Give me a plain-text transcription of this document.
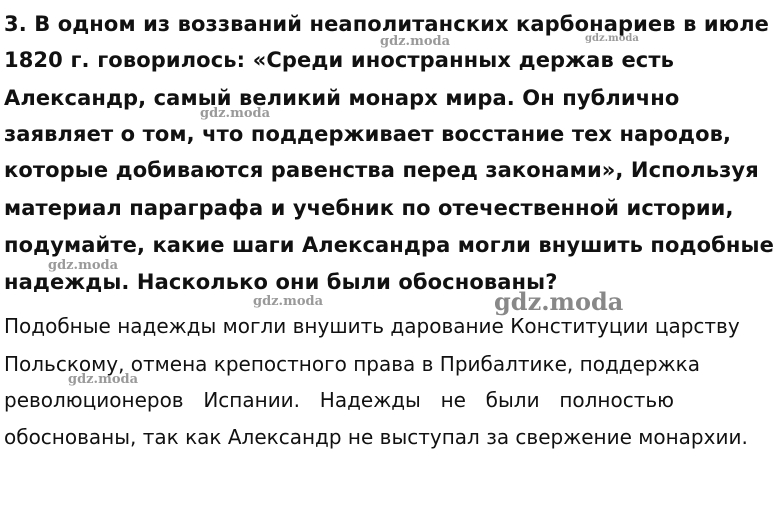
3. В одном из воззваний неаполитанских карбонариев в июле
1820 г. говорилось: «Среди иностранных держав есть
Александр, самый великий монарх мира. Он публично
заявляет о том, что поддерживает восстание тех народов,
которые добиваются равенства перед законами», Используя
материал параграфа и учебник по отечественной истории,
подумайте, какие шаги Александра могли внушить подобные
надежды. Насколько они были обоснованы?
Подобные надежды могли внушить дарование Конституции царству
Польскому, отмена крепостного права в Прибалтике, поддержка
революционеров Испании. Надежды не были полностью
обоснованы, так как Александр не выступал за свержение монархии.
gdz.moda	gdz.moda
gdz.moda
gdz.moda
gdz.moda	gdz.moda
gdz.moda
